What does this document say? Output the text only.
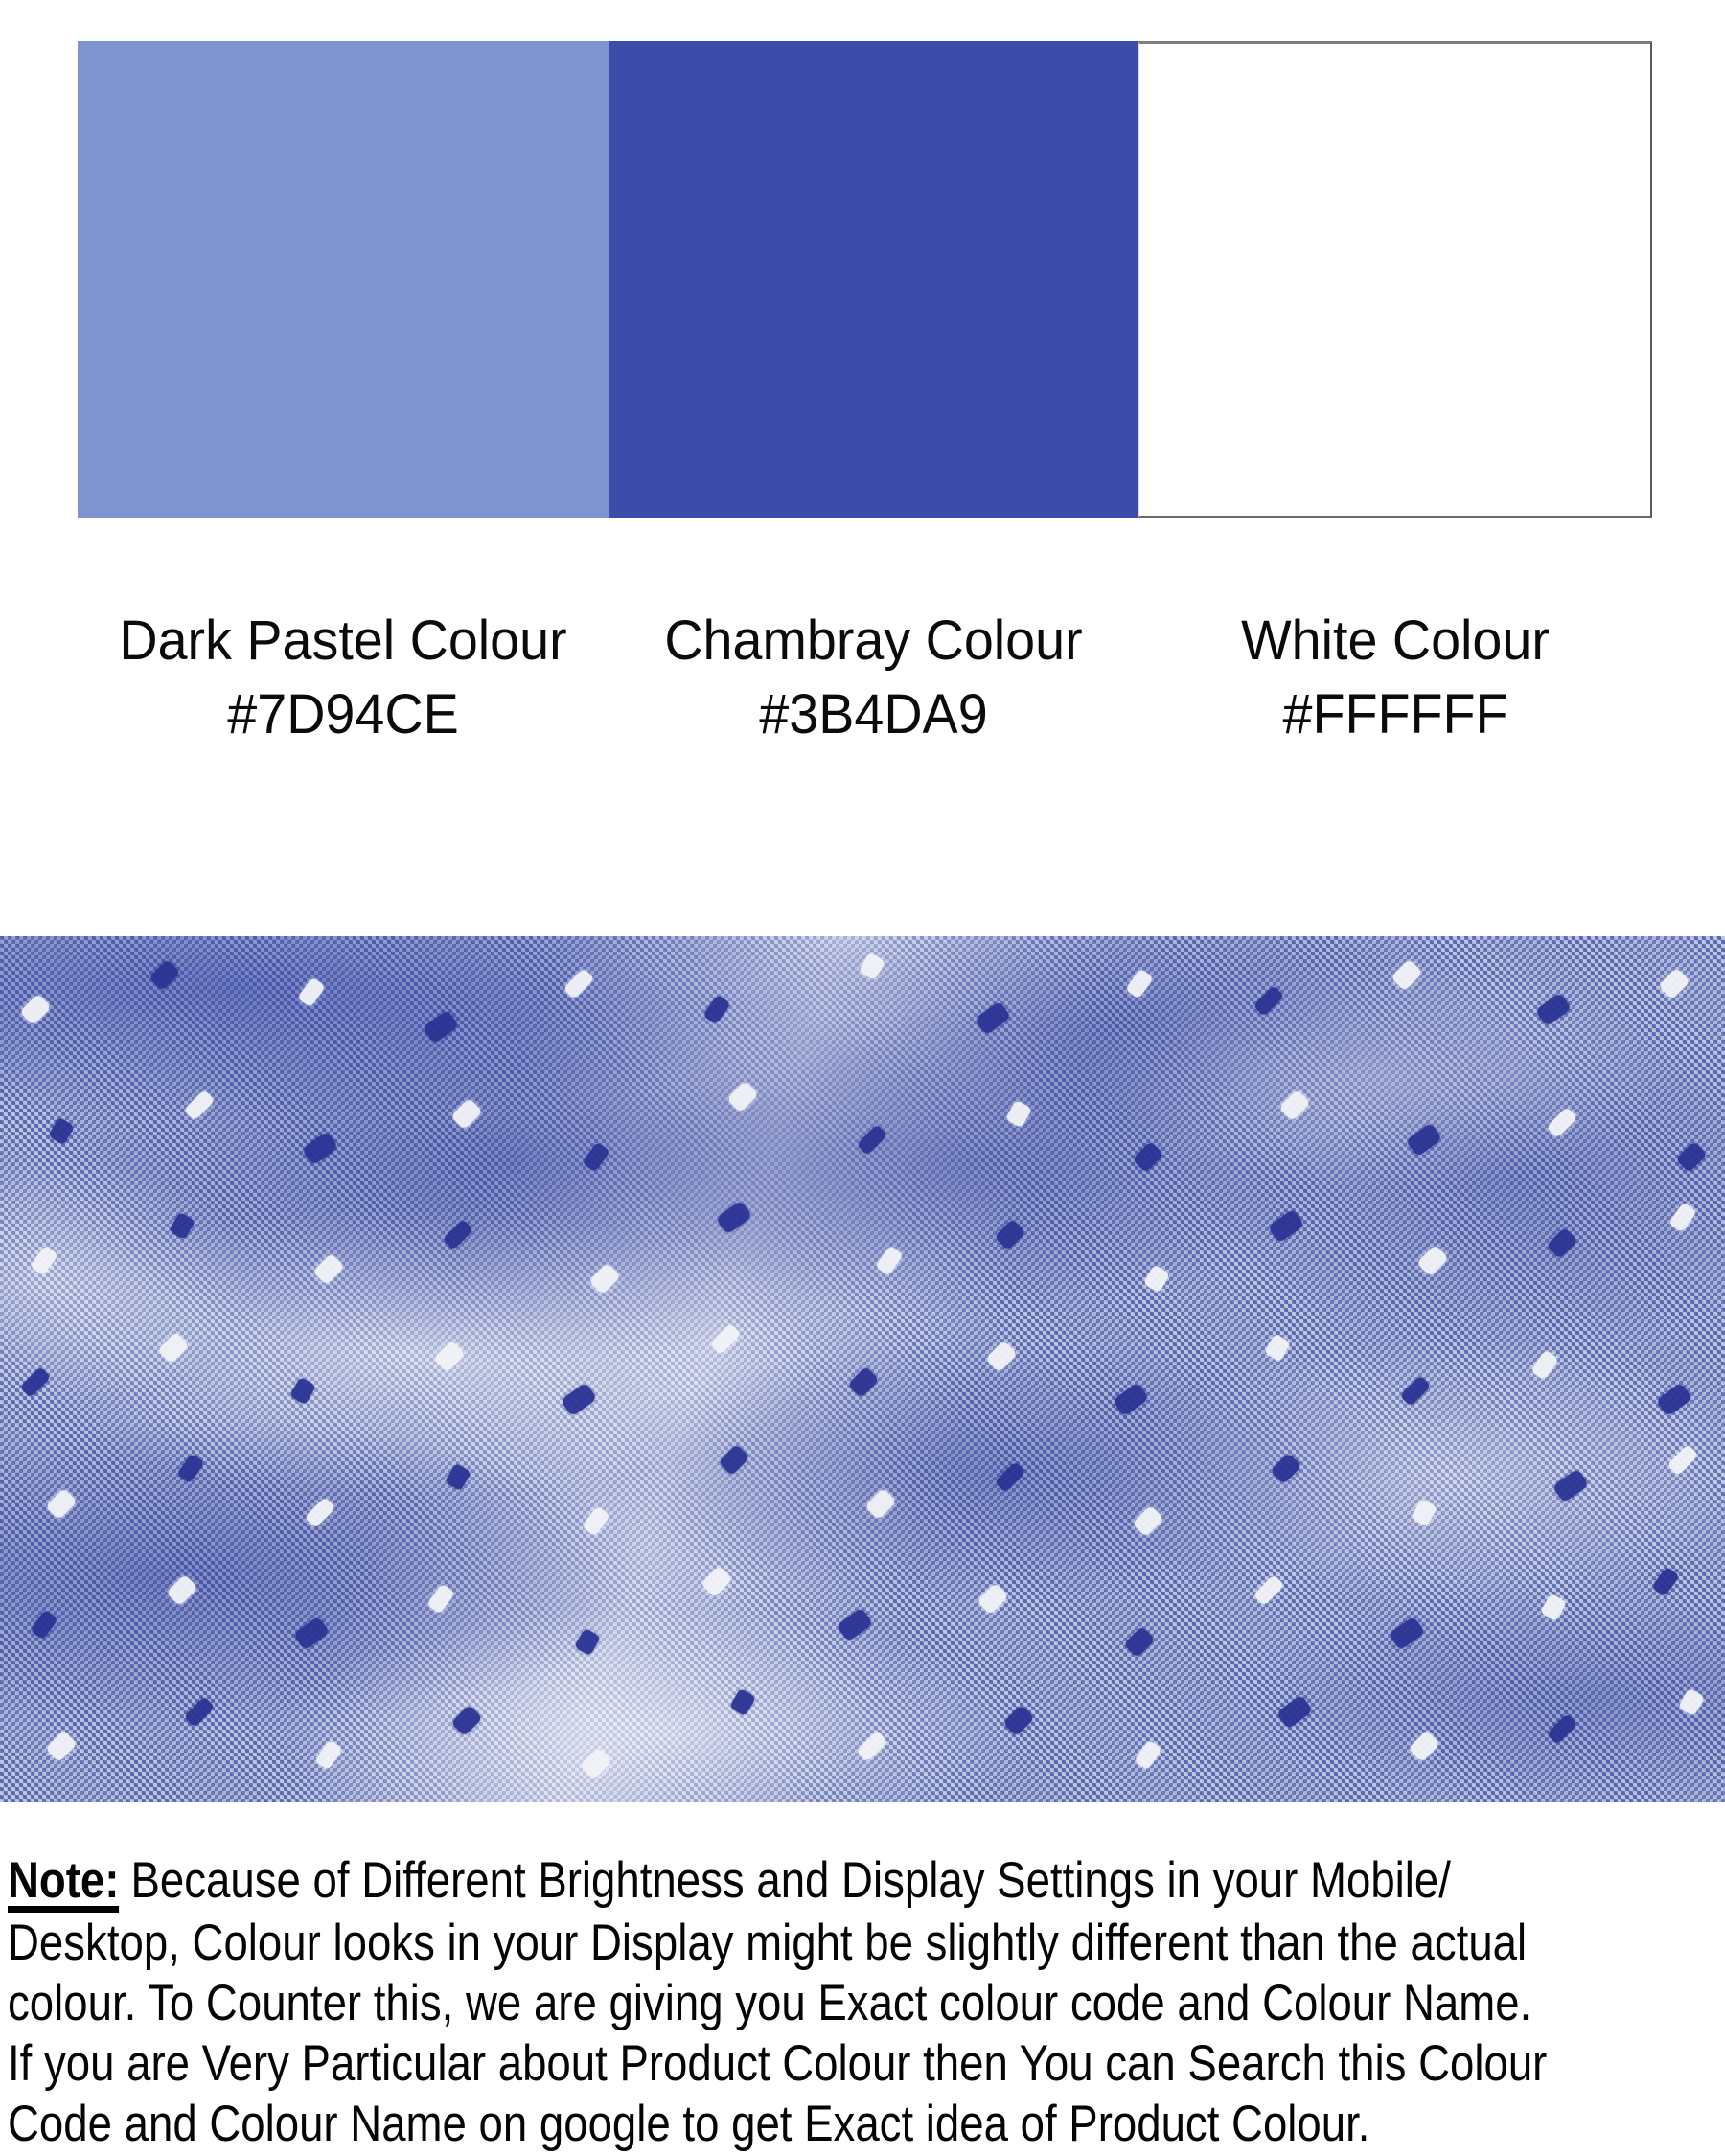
Dark Pastel Colour
#7D94CE
Chambray Colour
#3B4DA9
White Colour
#FFFFFF
Note: Because of Different Brightness and Display Settings in your Mobile/
Desktop, Colour looks in your Display might be slightly different than the actual
colour. To Counter this, we are giving you Exact colour code and Colour Name.
If you are Very Particular about Product Colour then You can Search this Colour
Code and Colour Name on google to get Exact idea of Product Colour.
